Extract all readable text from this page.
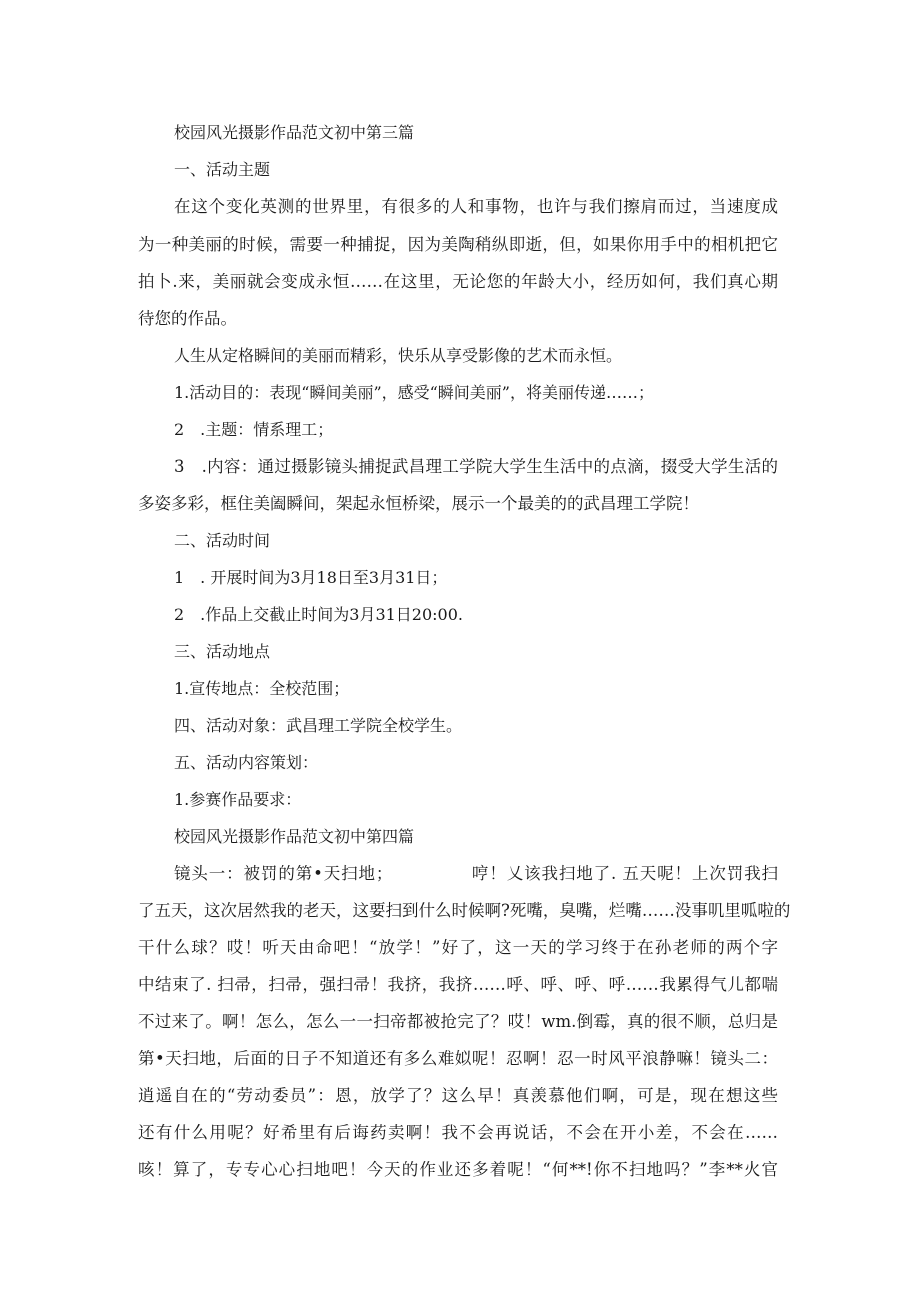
校园风光摄影作品范文初中第三篇
一、活动主题
在这个变化英测的世界里，有很多的人和事物，也许与我们擦肩而过，当速度成
为一种美丽的时候，需要一种捕捉，因为美陶稍纵即逝，但，如果你用手中的相机把它
拍卜.来，美丽就会变成永恒……在这里，无论您的年龄大小，经历如何，我们真心期
待您的作品。
人生从定格瞬间的美丽而精彩，快乐从享受影像的艺术而永恒。
1.活动目的：表现“瞬间美丽”，感受“瞬间美丽”，将美丽传递……；
2　.主题：情系理工；
3　.内容：通过摄影镜头捕捉武昌理工学院大学生生活中的点滴，掇受大学生活的
多姿多彩，框住美阖瞬间，架起永恒桥梁，展示一个最美的的武昌理工学院！
二、活动时间
1　. 开展时间为3月18日至3月31日；
2　.作品上交截止时间为3月31日20:00.
三、活动地点
1.宣传地点：全校范围；
四、活动对象：武昌理工学院全校学生。
五、活动内容策划：
1.参赛作品要求：
校园风光摄影作品范文初中第四篇
镜头一：被罚的第•天扫地；　　　　　哼！乂该我扫地了. 五天呢！上次罚我扫
了五天，这次居然我的老天，这要扫到什么时候啊?死嘴，臭嘴，烂嘴……没事叽里呱啦的
干什么球？哎！听天由命吧！“放学！”好了，这一天的学习终于在孙老师的两个字
中结束了. 扫帚，扫帚，强扫帚！我挤，我挤……呼、呼、呼、呼……我累得气儿都喘
不过来了。啊！怎么，怎么一一扫帝都被抢完了？哎！wm.倒霉，真的很不顺，总归是
第•天扫地，后面的日子不知道还有多么难姒呢！忍啊！忍一时风平浪静嘛！镜头二：
逍遥自在的“劳动委员”：恩，放学了？这么早！真羡慕他们啊，可是，现在想这些
还有什么用呢？好希里有后诲药卖啊！我不会再说话，不会在开小差，不会在……
咳！算了，专专心心扫地吧！今天的作业还多着呢！“何**!你不扫地吗？”李**火官
